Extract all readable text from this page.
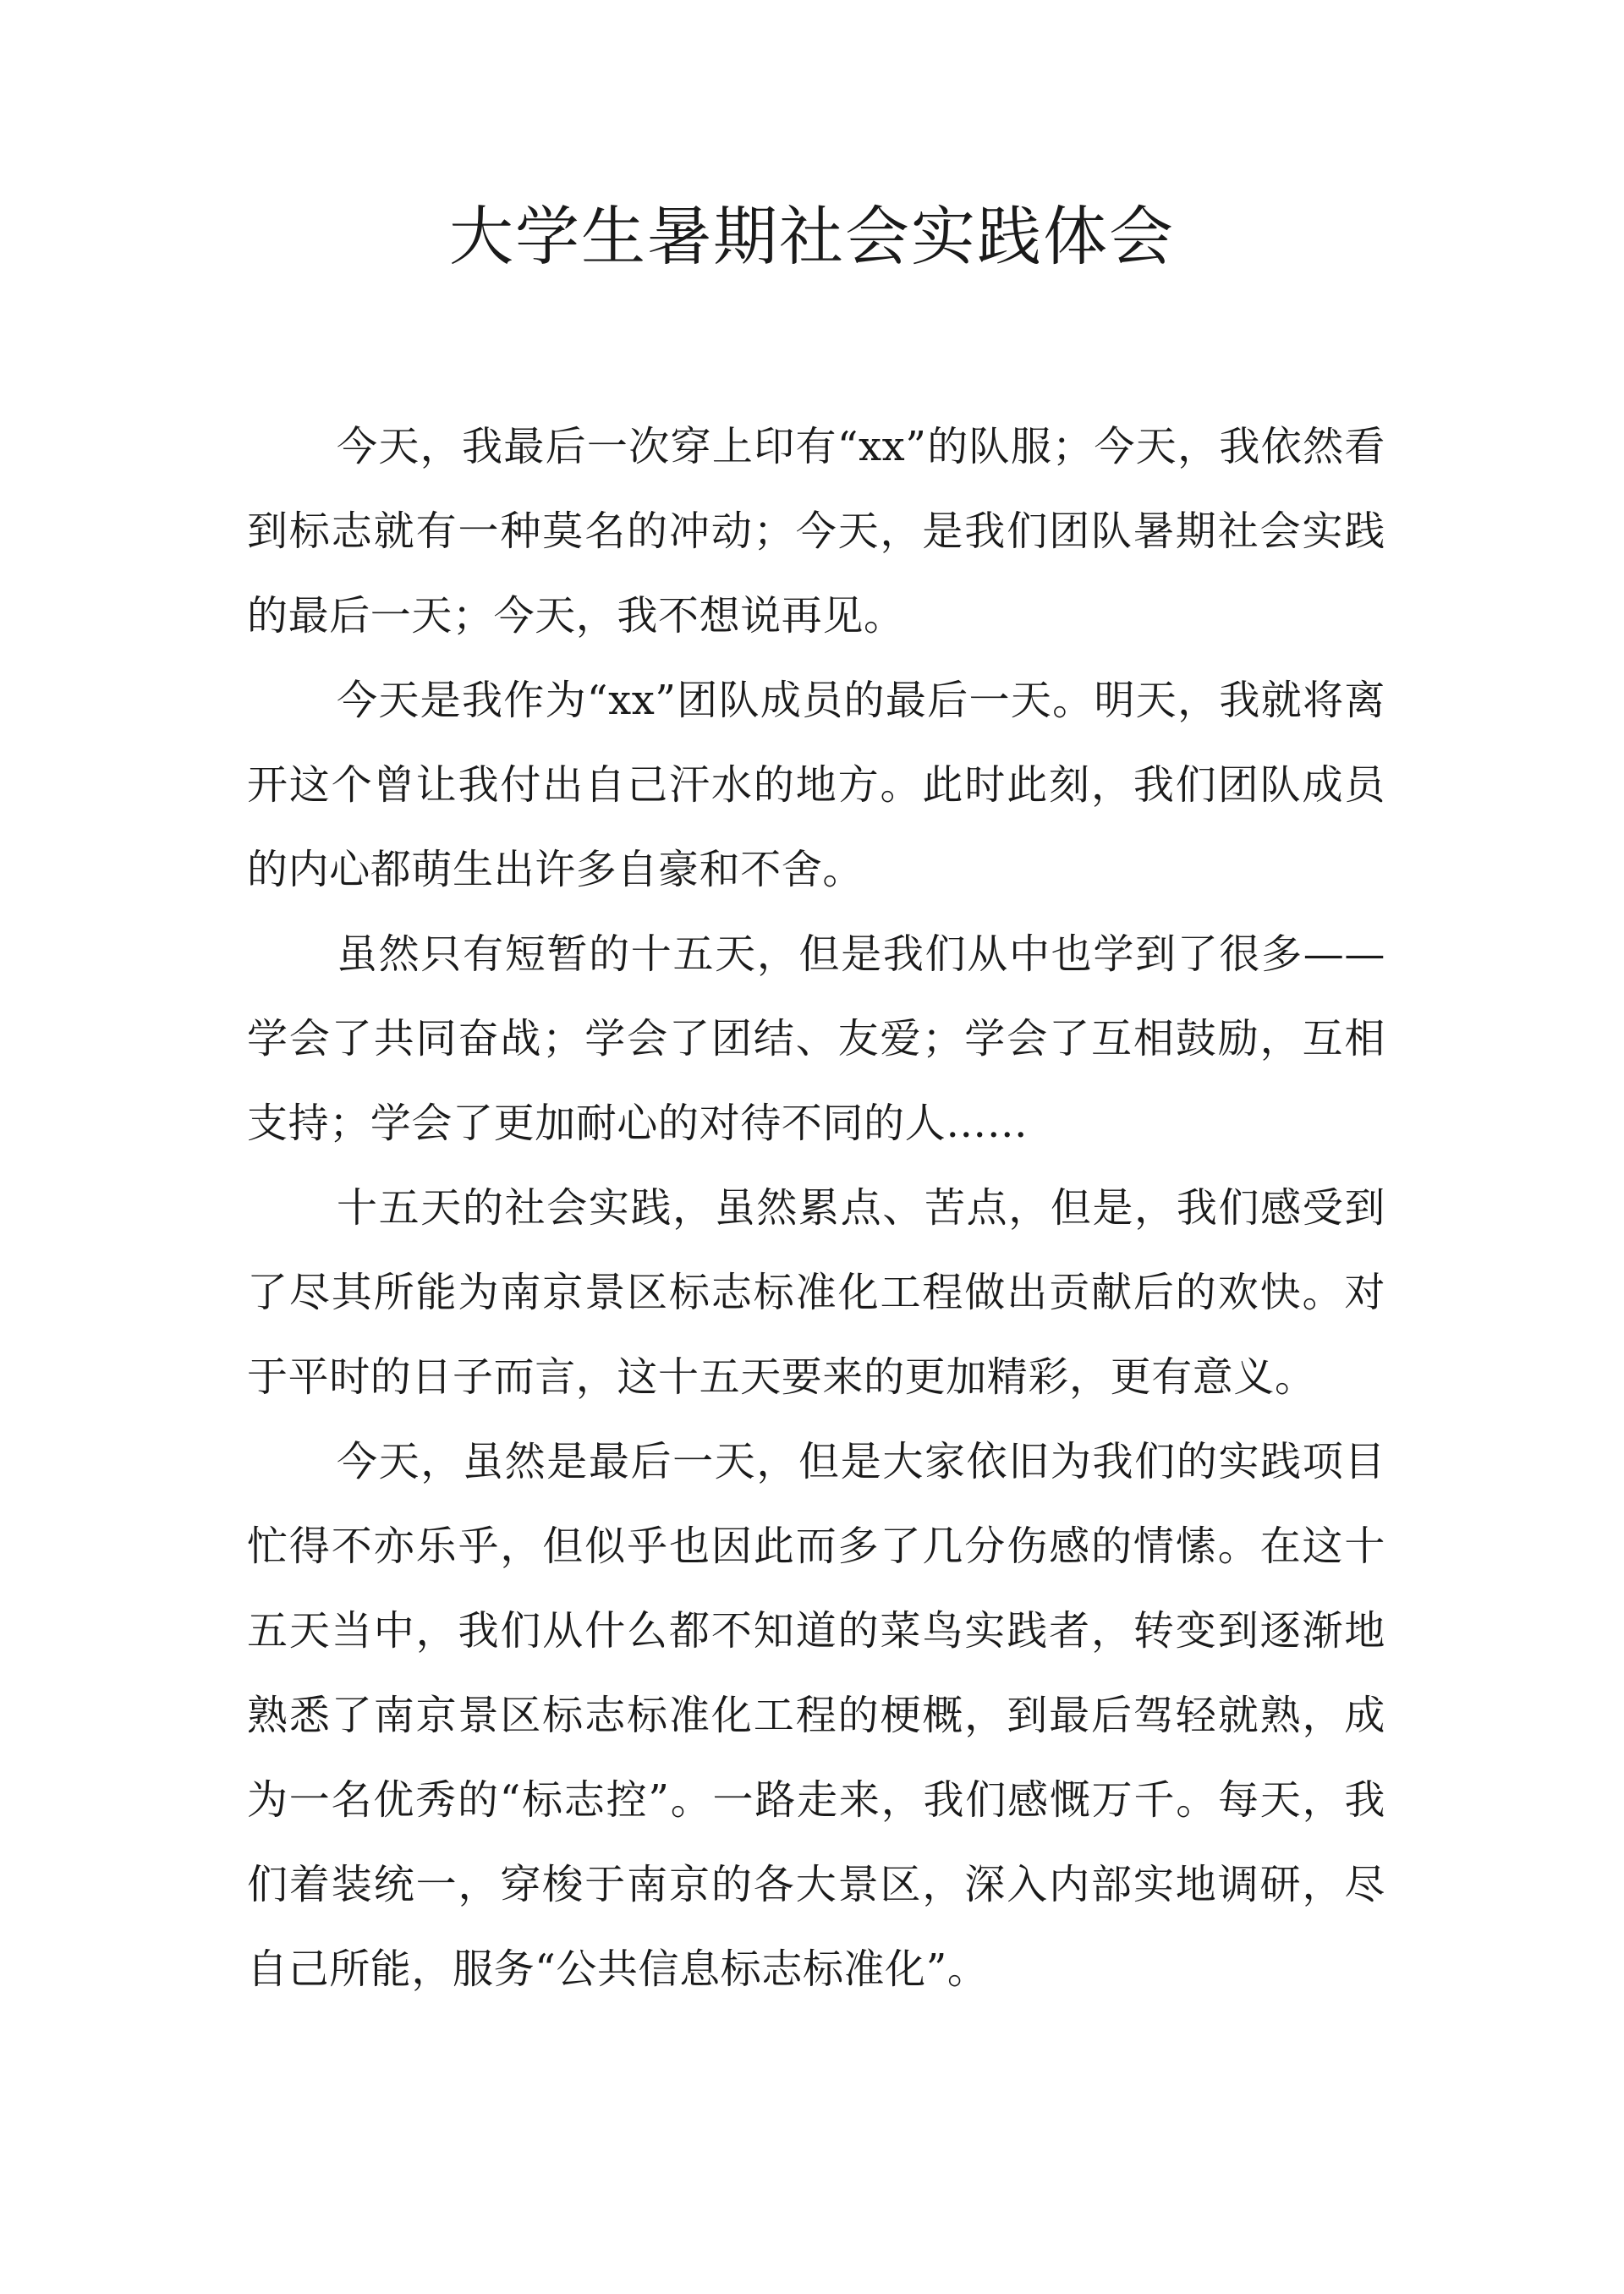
大学生暑期社会实践体会

今天，我最后一次穿上印有“xx”的队服；今天，我依然看到标志就有一种莫名的冲动；今天，是我们团队暑期社会实践的最后一天；今天，我不想说再见。

今天是我作为“xx”团队成员的最后一天。明天，我就将离开这个曾让我付出自己汗水的地方。此时此刻，我们团队成员的内心都萌生出许多自豪和不舍。

虽然只有短暂的十五天，但是我们从中也学到了很多——学会了共同奋战；学会了团结、友爱；学会了互相鼓励，互相支持；学会了更加耐心的对待不同的人……

十五天的社会实践，虽然累点、苦点，但是，我们感受到了尽其所能为南京景区标志标准化工程做出贡献后的欢快。对于平时的日子而言，这十五天要来的更加精彩，更有意义。

今天，虽然是最后一天，但是大家依旧为我们的实践项目忙得不亦乐乎，但似乎也因此而多了几分伤感的情愫。在这十五天当中，我们从什么都不知道的菜鸟实践者，转变到逐渐地熟悉了南京景区标志标准化工程的梗概，到最后驾轻就熟，成为一名优秀的“标志控”。一路走来，我们感慨万千。每天，我们着装统一，穿梭于南京的各大景区，深入内部实地调研，尽自己所能，服务“公共信息标志标准化”。
